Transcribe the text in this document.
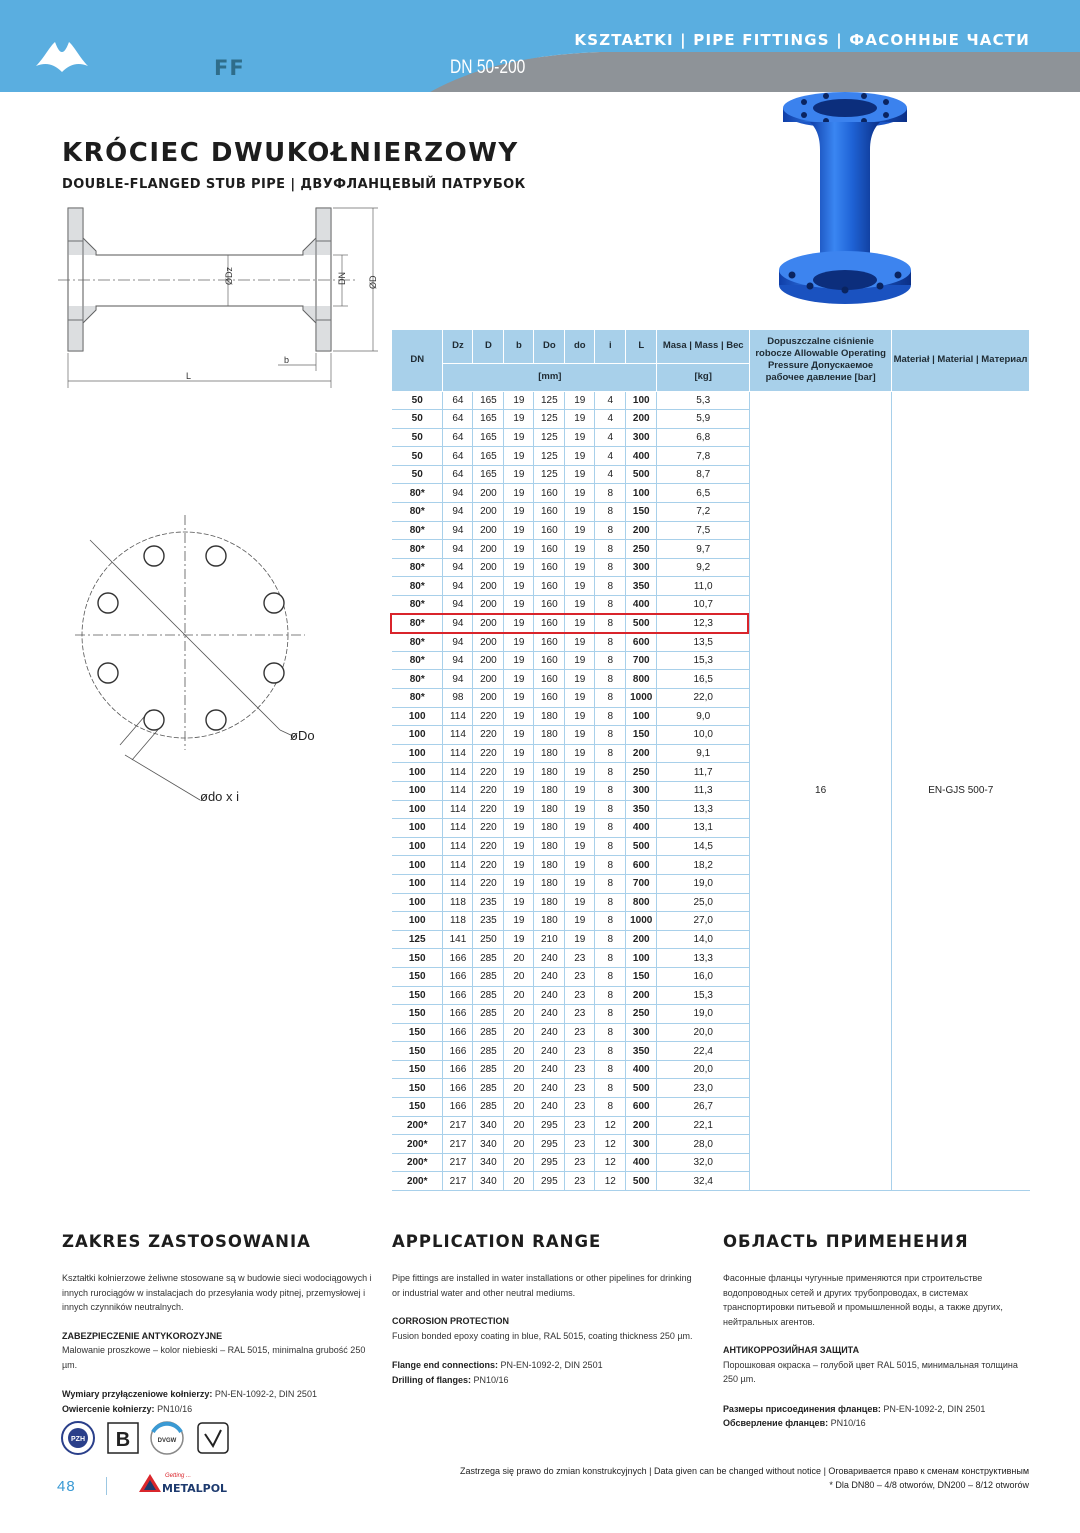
KSZTAŁTKI | PIPE FITTINGS | ФАСОННЫЕ ЧАСТИ
FF	DN 50-200
KRÓCIEC DWUKOŁNIERZOWY
DOUBLE-FLANGED STUB PIPE | ДВУФЛАНЦЕВЫЙ ПАТРУБОК
ØDz	DN ØD
b
L
øDo
ødo x i
DN	Dz	D	b	Do	do	i	L	Masa | Mass | Вес	Dopuszczalne ciśnienie robocze Allowable Operating Pressure Допускаемое рабочее давление [bar]	Materiał | Material | Материал
	[mm]							[kg]		
50	64	165	19	125	19	4	100	5,3	16	EN-GJS 500-7
50	64	165	19	125	19	4	200	5,9		
50	64	165	19	125	19	4	300	6,8		
50	64	165	19	125	19	4	400	7,8		
50	64	165	19	125	19	4	500	8,7		
80*	94	200	19	160	19	8	100	6,5		
80*	94	200	19	160	19	8	150	7,2		
80*	94	200	19	160	19	8	200	7,5		
80*	94	200	19	160	19	8	250	9,7		
80*	94	200	19	160	19	8	300	9,2		
80*	94	200	19	160	19	8	350	11,0		
80*	94	200	19	160	19	8	400	10,7		
80*	94	200	19	160	19	8	500	12,3		
80*	94	200	19	160	19	8	600	13,5		
80*	94	200	19	160	19	8	700	15,3		
80*	94	200	19	160	19	8	800	16,5		
80*	98	200	19	160	19	8	1000	22,0		
100	114	220	19	180	19	8	100	9,0		
100	114	220	19	180	19	8	150	10,0		
100	114	220	19	180	19	8	200	9,1		
100	114	220	19	180	19	8	250	11,7		
100	114	220	19	180	19	8	300	11,3		
100	114	220	19	180	19	8	350	13,3		
100	114	220	19	180	19	8	400	13,1		
100	114	220	19	180	19	8	500	14,5		
100	114	220	19	180	19	8	600	18,2		
100	114	220	19	180	19	8	700	19,0		
100	118	235	19	180	19	8	800	25,0		
100	118	235	19	180	19	8	1000	27,0		
125	141	250	19	210	19	8	200	14,0		
150	166	285	20	240	23	8	100	13,3		
150	166	285	20	240	23	8	150	16,0		
150	166	285	20	240	23	8	200	15,3		
150	166	285	20	240	23	8	250	19,0		
150	166	285	20	240	23	8	300	20,0		
150	166	285	20	240	23	8	350	22,4		
150	166	285	20	240	23	8	400	20,0		
150	166	285	20	240	23	8	500	23,0		
150	166	285	20	240	23	8	600	26,7		
200*	217	340	20	295	23	12	200	22,1		
200*	217	340	20	295	23	12	300	28,0		
200*	217	340	20	295	23	12	400	32,0		
200*	217	340	20	295	23	12	500	32,4		
ZAKRES ZASTOSOWANIA

Kształtki kołnierzowe żeliwne stosowane są w budowie sieci wodociągowych i innych rurociągów w instalacjach do przesyłania wody pitnej, przemysłowej i innych czynników neutralnych.

ZABEZPIECZENIE ANTYKOROZYJNE

Malowanie proszkowe – kolor niebieski – RAL 5015, minimalna grubość 250 µm.

Wymiary przyłączeniowe kołnierzy: PN-EN-1092-2, DIN 2501

Owiercenie kołnierzy: PN10/16

APPLICATION RANGE

Pipe fittings are installed in water installations or other pipelines for drinking or industrial water and other neutral mediums.

CORROSION PROTECTION

Fusion bonded epoxy coating in blue, RAL 5015, coating thickness 250 µm.

Flange end connections: PN-EN-1092-2, DIN 2501

Drilling of flanges: PN10/16

ОБЛАСТЬ ПРИМЕНЕНИЯ

Фасонные фланцы чугунные применяются при строительстве водопроводных сетей и других трубопроводах, в системах транспортировки питьевой и промышленной воды, а также других, нейтральных агентов.

АНТИКОРРОЗИЙНАЯ ЗАЩИТА

Порошковая окраска – голубой цвет RAL 5015, минимальная толщина 250 µm.

Размеры присоединения фланцев: PN-EN-1092-2, DIN 2501

Обсверление фланцев: PN10/16

PZH B	DVGW
48
Getting ...
METALPOL
Zastrzega się prawo do zmian konstrukcyjnych | Data given can be changed without notice | Оговаривается право к сменам конструктивным
* Dla DN80 – 4/8 otworów, DN200 – 8/12 otworów
